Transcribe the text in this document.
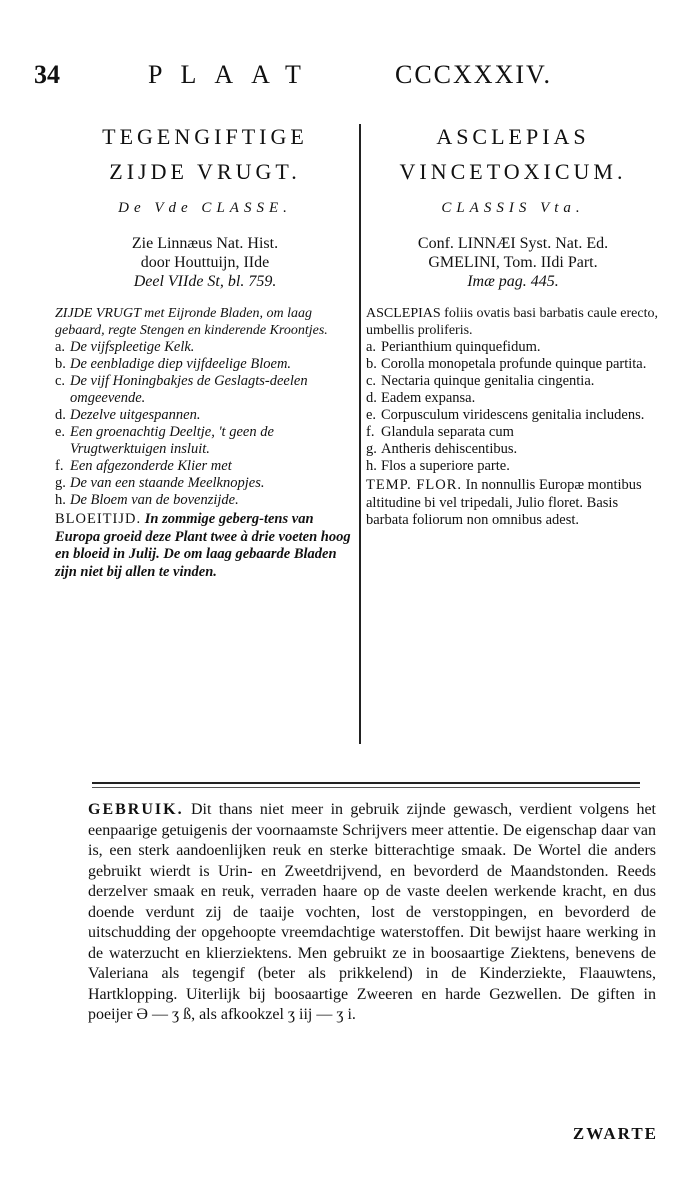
34	PLAAT	CCCXXXIV.
TEGENGIFTIGE
ZIJDE VRUGT.
De Vde CLASSE.
Zie Linnæus Nat. Hist.
door Houttuijn, IIde
Deel VIIde St, bl. 759.
ZIJDE VRUGT met Eijronde Bladen, om laag gebaard, regte Stengen en kinderende Kroontjes.
a. De vijfspleetige Kelk.
b. De eenbladige diep vijfdeelige Bloem.
c. De vijf Honingbakjes de Geslagts-deelen omgeevende.
d. Dezelve uitgespannen.
e. Een groenachtig Deeltje, 't geen de Vrugtwerktuigen insluit.
f. Een afgezonderde Klier met
g. De van een staande Meelknopjes.
h. De Bloem van de bovenzijde.
BLOEITIJD. In zommige geberg-tens van Europa groeid deze Plant twee à drie voeten hoog en bloeid in Julij. De om laag gebaarde Bladen zijn niet bij allen te vinden.
ASCLEPIAS
VINCETOXICUM.
CLASSIS Vta.
Conf. LINNÆI Syst. Nat. Ed.
GMELINI, Tom. IIdi Part.
Imæ pag. 445.
ASCLEPIAS foliis ovatis basi barbatis caule erecto, umbellis proliferis.
a. Perianthium quinquefidum.
b. Corolla monopetala profunde quinque partita.
c. Nectaria quinque genitalia cingentia.
d. Eadem expansa.
e. Corpusculum viridescens genitalia includens.
f. Glandula separata cum
g. Antheris dehiscentibus.
h. Flos a superiore parte.
TEMP. FLOR. In nonnullis Europæ montibus altitudine bi vel tripedali, Julio floret. Basis barbata foliorum non omnibus adest.
GEBRUIK. Dit thans niet meer in gebruik zijnde gewasch, verdient volgens het eenpaarige getuigenis der voornaamste Schrijvers meer attentie. De eigenschap daar van is, een sterk aandoenlijken reuk en sterke bitterachtige smaak. De Wortel die anders gebruikt wierdt is Urin- en Zweetdrijvend, en bevorderd de Maandstonden. Reeds derzelver smaak en reuk, verraden haare op de vaste deelen werkende kracht, en dus doende verdunt zij de taaije vochten, lost de verstoppingen, en bevorderd de uitschudding der opgehoopte vreemdachtige waterstoffen. Dit bewijst haare werking in de waterzucht en klierziektens. Men gebruikt ze in boosaartige Ziektens, benevens de Valeriana als tegengif (beter als prikkelend) in de Kinderziekte, Flaauwtens, Hartklopping. Uiterlijk bij boosaartige Zweeren en harde Gezwellen. De giften in poeijer Ə — ʒ ß, als afkookzel ʒ iij — ʒ i.
ZWARTE
